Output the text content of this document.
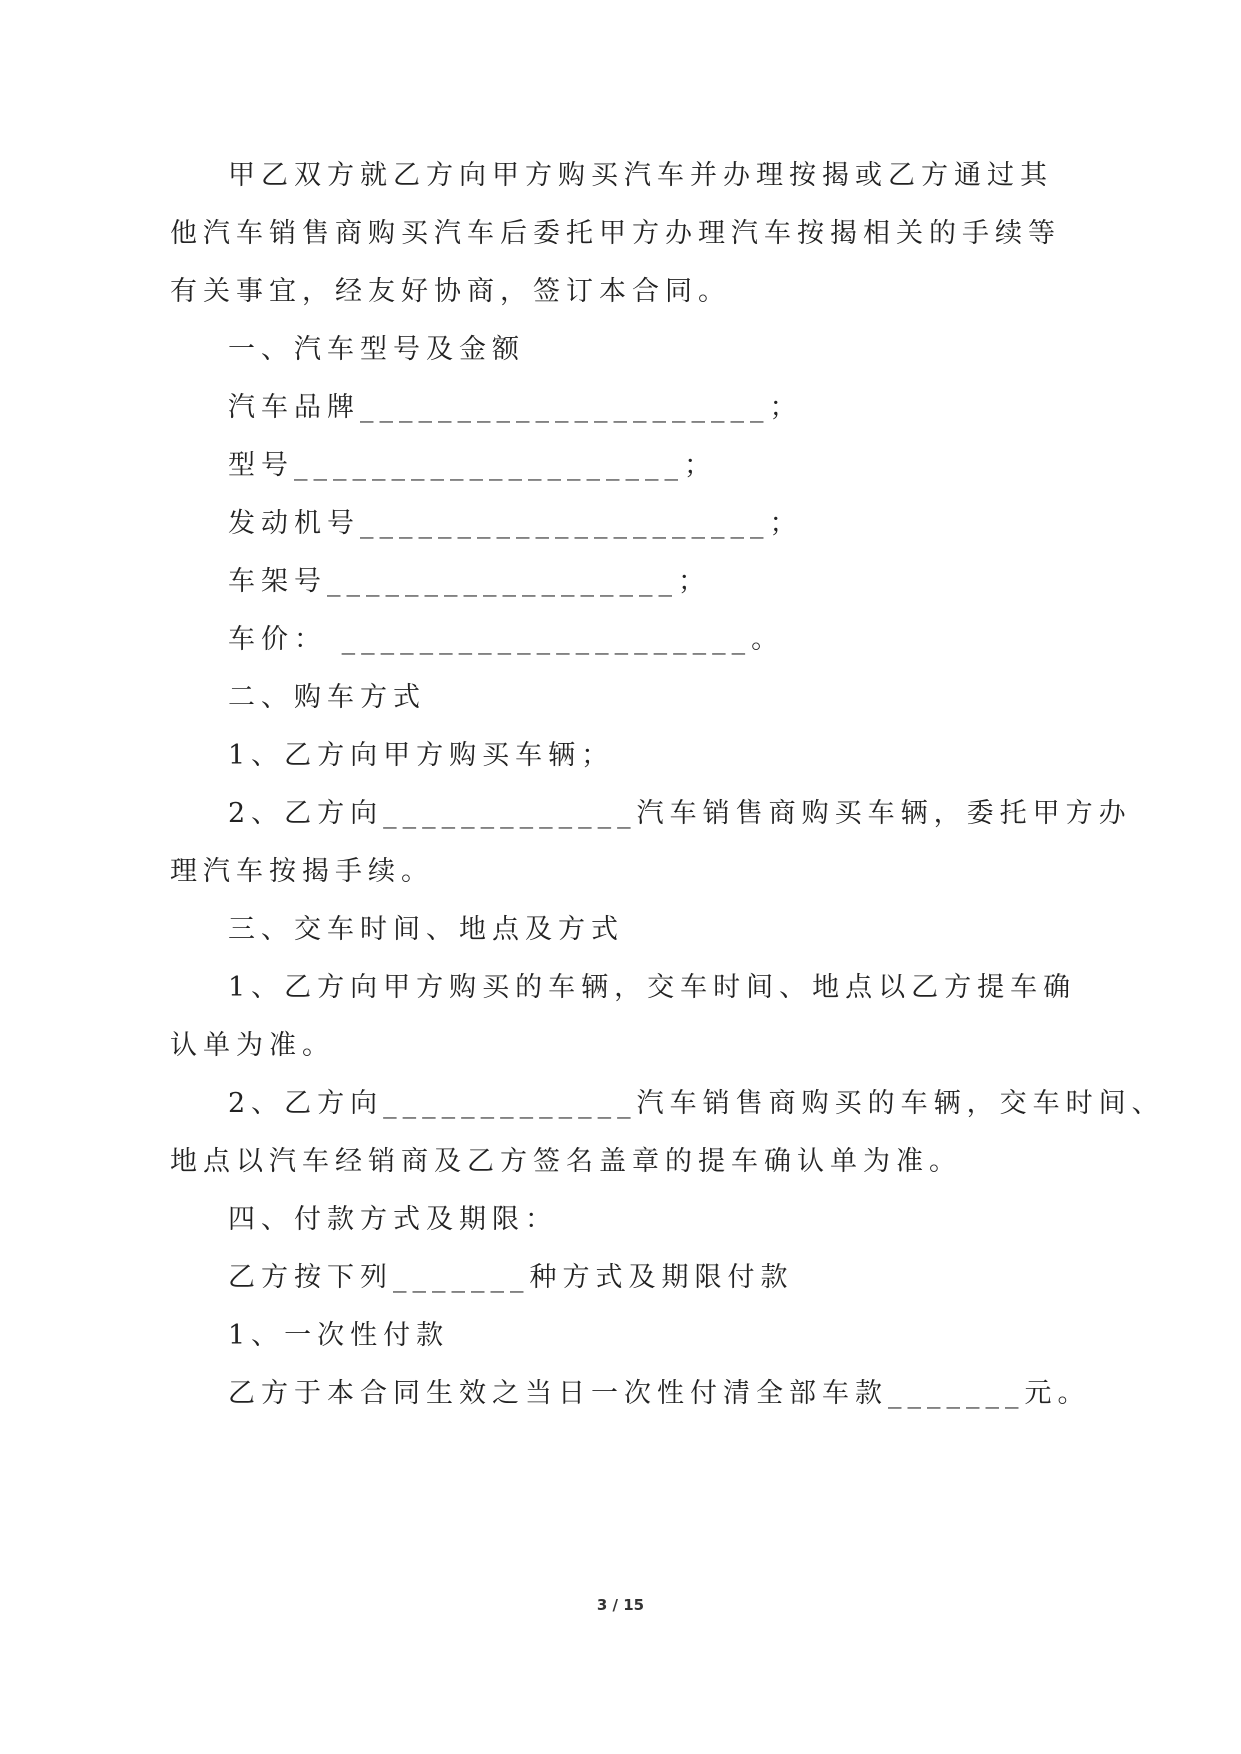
甲乙双方就乙方向甲方购买汽车并办理按揭或乙方通过其
他汽车销售商购买汽车后委托甲方办理汽车按揭相关的手续等
有关事宜，经友好协商，签订本合同。
一、汽车型号及金额
汽车品牌_____________________；
型号____________________；
发动机号_____________________；
车架号__________________；
车价： _____________________。
二、购车方式
1、乙方向甲方购买车辆；
2、乙方向_____________汽车销售商购买车辆，委托甲方办
理汽车按揭手续。
三、交车时间、地点及方式
1、乙方向甲方购买的车辆，交车时间、地点以乙方提车确
认单为准。
2、乙方向_____________汽车销售商购买的车辆，交车时间、
地点以汽车经销商及乙方签名盖章的提车确认单为准。
四、付款方式及期限：
乙方按下列_______种方式及期限付款
1、一次性付款
乙方于本合同生效之当日一次性付清全部车款_______元。
3 / 15
